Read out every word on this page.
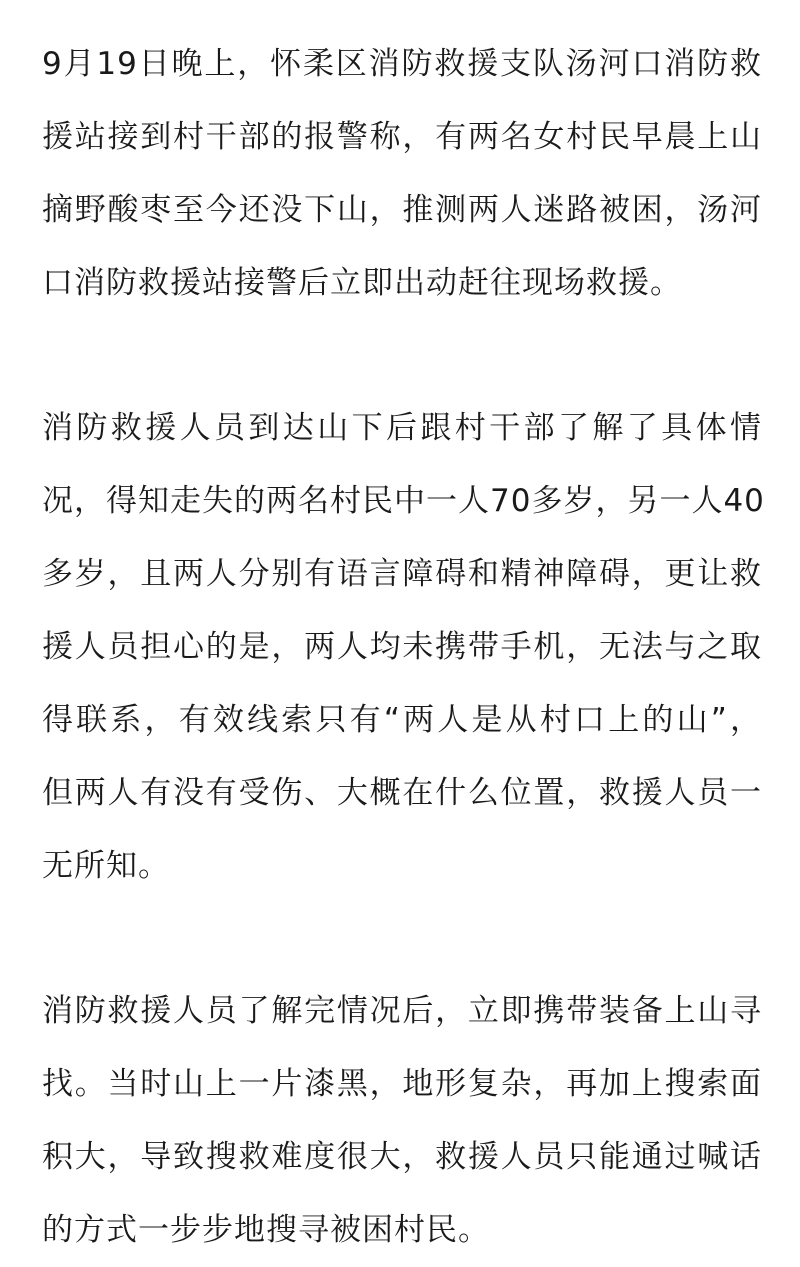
9月19日晚上，怀柔区消防救援支队汤河口消防救
援站接到村干部的报警称，有两名女村民早晨上山
摘野酸枣至今还没下山，推测两人迷路被困，汤河
口消防救援站接警后立即出动赶往现场救援。
消防救援人员到达山下后跟村干部了解了具体情
况，得知走失的两名村民中一人70多岁，另一人40
多岁，且两人分别有语言障碍和精神障碍，更让救
援人员担心的是，两人均未携带手机，无法与之取
得联系，有效线索只有“两人是从村口上的山”，
但两人有没有受伤、大概在什么位置，救援人员一
无所知。
消防救援人员了解完情况后，立即携带装备上山寻
找。当时山上一片漆黑，地形复杂，再加上搜索面
积大，导致搜救难度很大，救援人员只能通过喊话
的方式一步步地搜寻被困村民。
